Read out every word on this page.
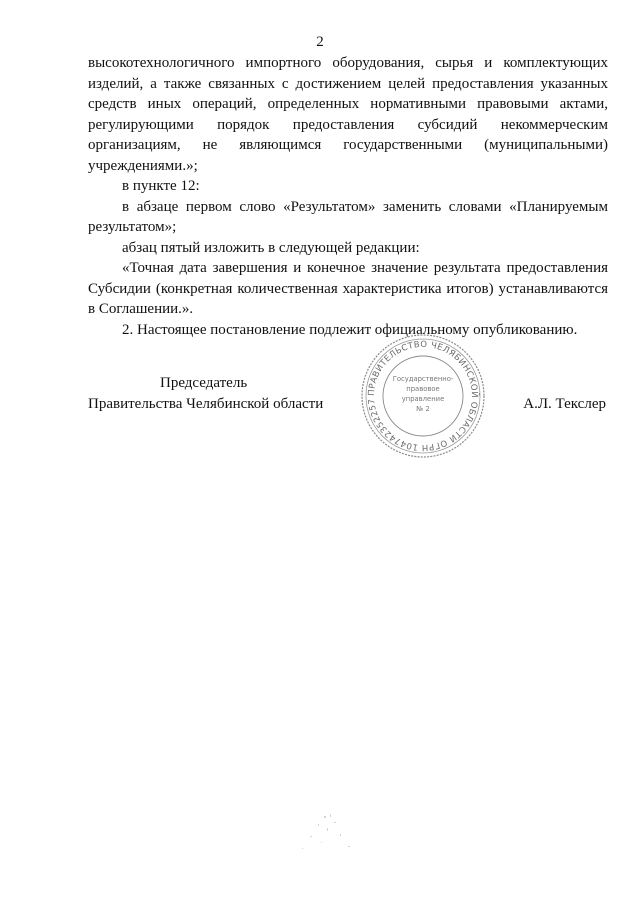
2

высокотехнологичного импортного оборудования, сырья и комплектующих

изделий, а также связанных с достижением целей предоставления указанных

средств иных операций, определенных нормативными правовыми актами,

регулирующими порядок предоставления субсидий некоммерческим

организациям, не являющимся государственными (муниципальными)

учреждениями.»;

в пункте 12:

в абзаце первом слово «Результатом» заменить словами «Планируемым

результатом»;

абзац пятый изложить в следующей редакции:

«Точная дата завершения и конечное значение результата предоставления

Субсидии (конкретная количественная характеристика итогов) устанавливаются

в Соглашении.».

2. Настоящее постановление подлежит официальному опубликованию.

Председатель
Правительства Челябинской области
ПРАВИТЕЛЬСТВО ЧЕЛЯБИНСКОЙ ОБЛАСТИ ОГРН 104742352257
Государственно-
правовое
управление
№ 2	А.Л. Текслер
